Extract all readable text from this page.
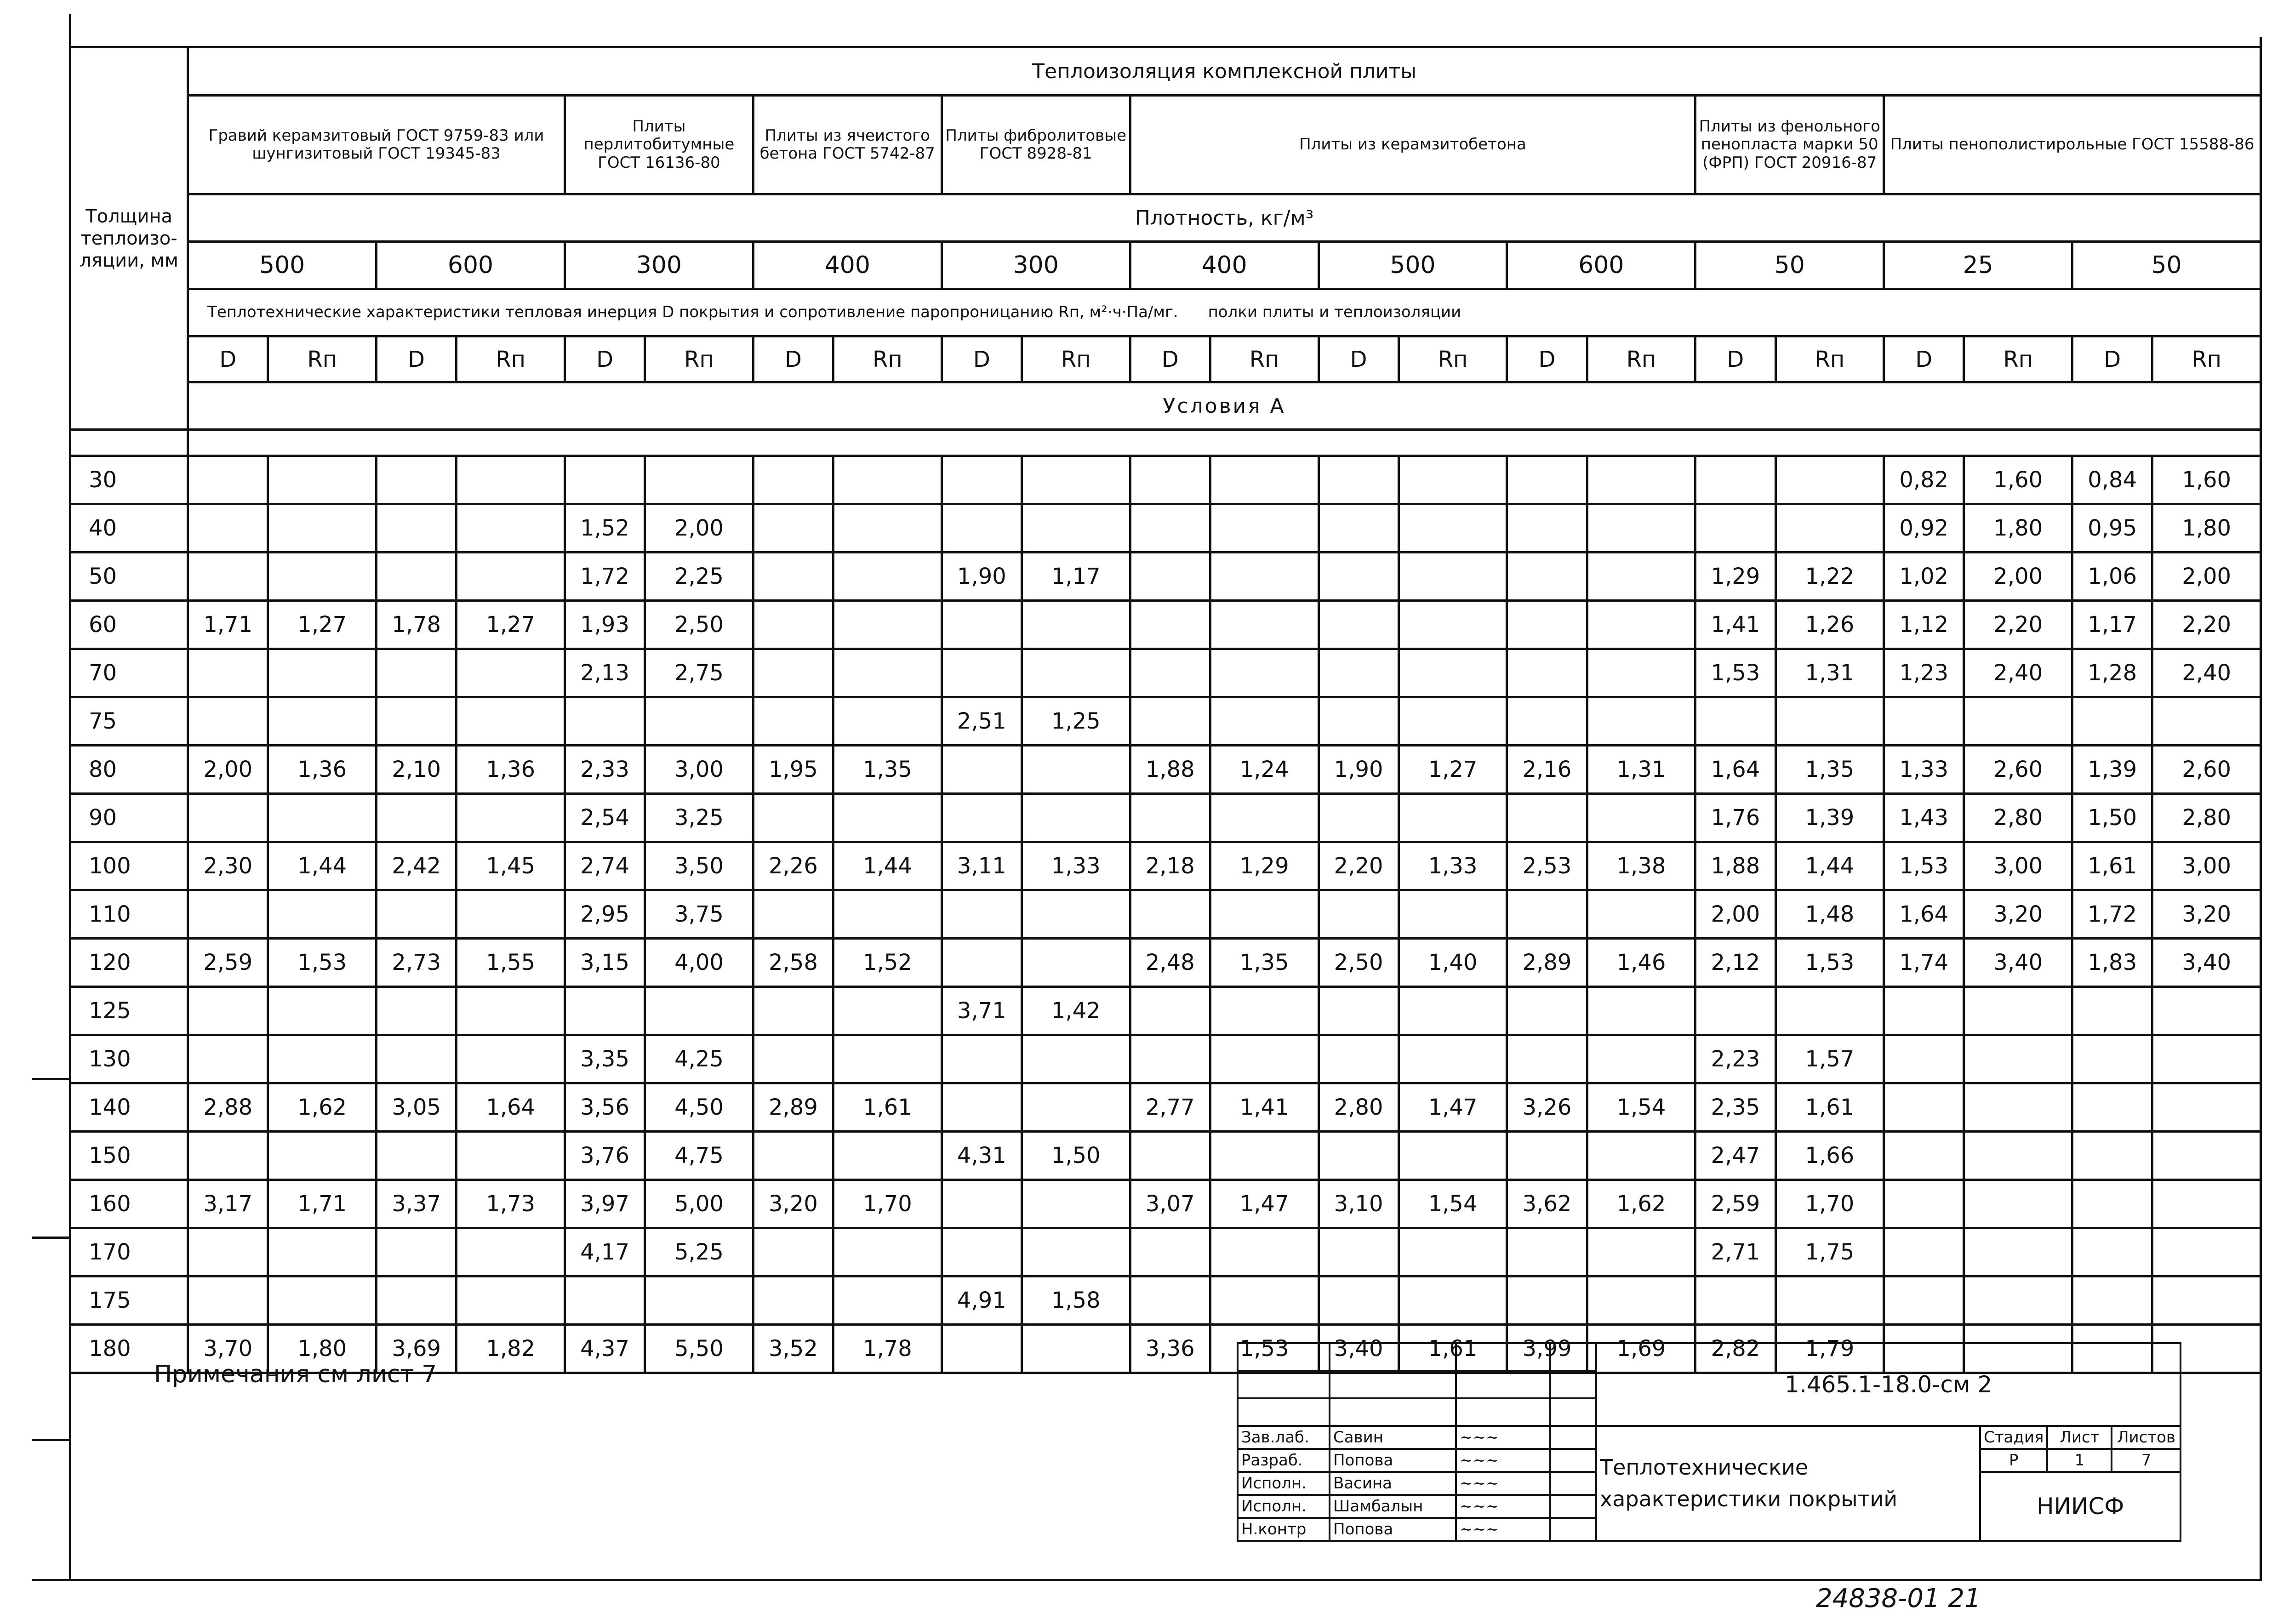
Толщина теплоизо-ляции, мм	Теплоизоляция комплексной плиты																					
	Гравий керамзитовый ГОСТ 9759-83 или шунгизитовый ГОСТ 19345-83				Плиты перлитобитумные ГОСТ 16136-80		Плиты из ячеистого бетона ГОСТ 5742-87		Плиты фибролитовые ГОСТ 8928-81		Плиты из керамзитобетона						Плиты из фенольного пенопласта марки 50 (ФРП) ГОСТ 20916-87		Плиты пенополистирольные ГОСТ 15588-86			
	Плотность, кг/м³																					
	500		600		300		400		300		400		500		600		50		25		50	
	Теплотехнические характеристики тепловая инерция D покрытия и сопротивление паропроницанию Rп, м²·ч·Па/мг. полки плиты и теплоизоляции																					
	D	Rп	D	Rп	D	Rп	D	Rп	D	Rп	D	Rп	D	Rп	D	Rп	D	Rп	D	Rп	D	Rп
	Условия А																					

30																			0,82	1,60	0,84	1,60
40					1,52	2,00													0,92	1,80	0,95	1,80
50					1,72	2,25			1,90	1,17							1,29	1,22	1,02	2,00	1,06	2,00
60	1,71	1,27	1,78	1,27	1,93	2,50											1,41	1,26	1,12	2,20	1,17	2,20
70					2,13	2,75											1,53	1,31	1,23	2,40	1,28	2,40
75									2,51	1,25												
80	2,00	1,36	2,10	1,36	2,33	3,00	1,95	1,35			1,88	1,24	1,90	1,27	2,16	1,31	1,64	1,35	1,33	2,60	1,39	2,60
90					2,54	3,25											1,76	1,39	1,43	2,80	1,50	2,80
100	2,30	1,44	2,42	1,45	2,74	3,50	2,26	1,44	3,11	1,33	2,18	1,29	2,20	1,33	2,53	1,38	1,88	1,44	1,53	3,00	1,61	3,00
110					2,95	3,75											2,00	1,48	1,64	3,20	1,72	3,20
120	2,59	1,53	2,73	1,55	3,15	4,00	2,58	1,52			2,48	1,35	2,50	1,40	2,89	1,46	2,12	1,53	1,74	3,40	1,83	3,40
125									3,71	1,42												
130					3,35	4,25											2,23	1,57				
140	2,88	1,62	3,05	1,64	3,56	4,50	2,89	1,61			2,77	1,41	2,80	1,47	3,26	1,54	2,35	1,61				
150					3,76	4,75			4,31	1,50							2,47	1,66				
160	3,17	1,71	3,37	1,73	3,97	5,00	3,20	1,70			3,07	1,47	3,10	1,54	3,62	1,62	2,59	1,70				
170					4,17	5,25											2,71	1,75				
175									4,91	1,58												
180	3,70	1,80	3,69	1,82	4,37	5,50	3,52	1,78			3,36	1,53	3,40	1,61	3,99	1,69	2,82	1,79				

Примечания см лист 7
					1.465.1-18.0-см 2			

Зав.лаб.	Савин	~~~		Теплотехнические характеристики покрытий	Стадия	Лист	Листов
Разраб.	Попова	~~~			Р	1	7
Исполн.	Васина	~~~			НИИСФ		
Исполн.	Шамбалын	~~~					
Н.контр	Попова	~~~					
24838-01 21
